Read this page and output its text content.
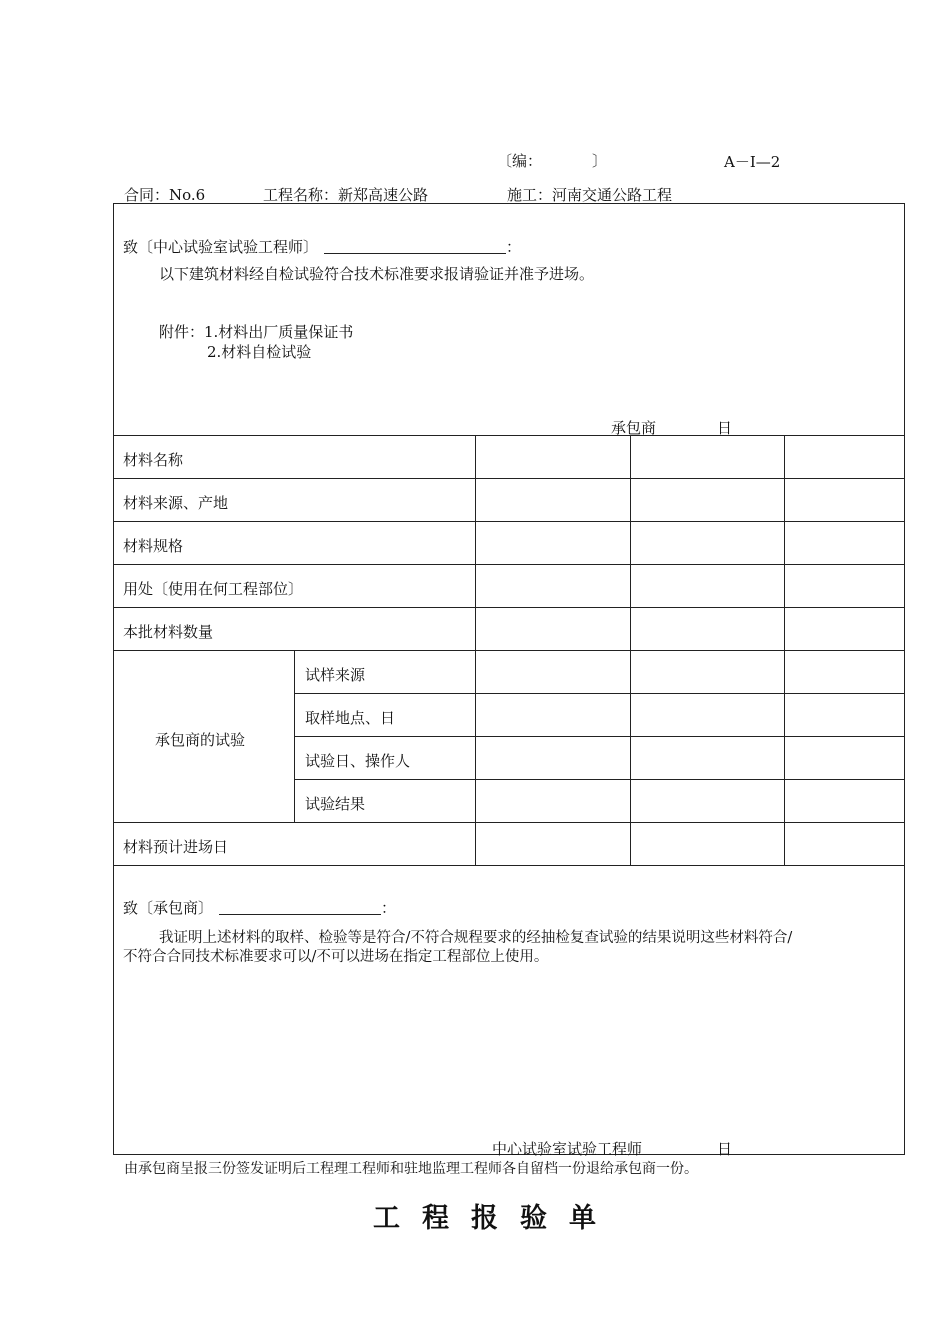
〔编：	〕	A－Ⅰ—2
合同：No.6	工程名称：新郑高速公路	施工：河南交通公路工程
致〔中心试验室试验工程师〕	：
以下建筑材料经自检试验符合技术标准要求报请验证并准予进场。
附件：1.材料出厂质量保证书
2.材料自检试验
承包商	日
材料名称
材料来源、产地
材料规格
用处〔使用在何工程部位〕
本批材料数量
承包商的试验
试样来源
取样地点、日
试验日、操作人
试验结果
材料预计进场日
致〔承包商〕	：
我证明上述材料的取样、检验等是符合/不符合规程要求的经抽检复查试验的结果说明这些材料符合/
不符合合同技术标准要求可以/不可以进场在指定工程部位上使用。
中心试验室试验工程师	日
由承包商呈报三份签发证明后工程理工程师和驻地监理工程师各自留档一份退给承包商一份。
工程报验单
